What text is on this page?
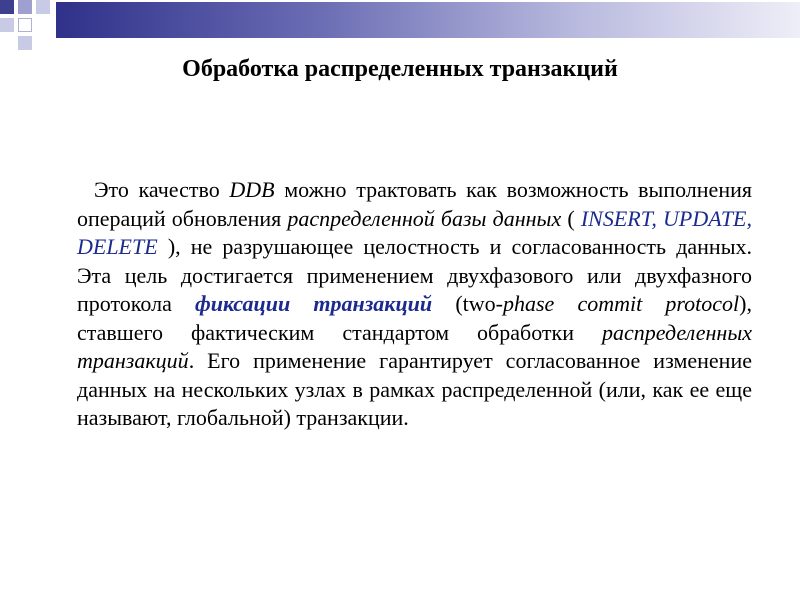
Обработка распределенных транзакций
Это качество DDB можно трактовать как возможность выполнения операций обновления распределенной базы данных ( INSERT, UPDATE, DELETE ), не разрушающее целостность и согласованность данных. Эта цель достигается применением двухфазового или двухфазного протокола фиксации транзакций (two-phase commit protocol), ставшего фактическим стандартом обработки распределенных транзакций. Его применение гарантирует согласованное изменение данных на нескольких узлах в рамках распределенной (или, как ее еще называют, глобальной) транзакции.
